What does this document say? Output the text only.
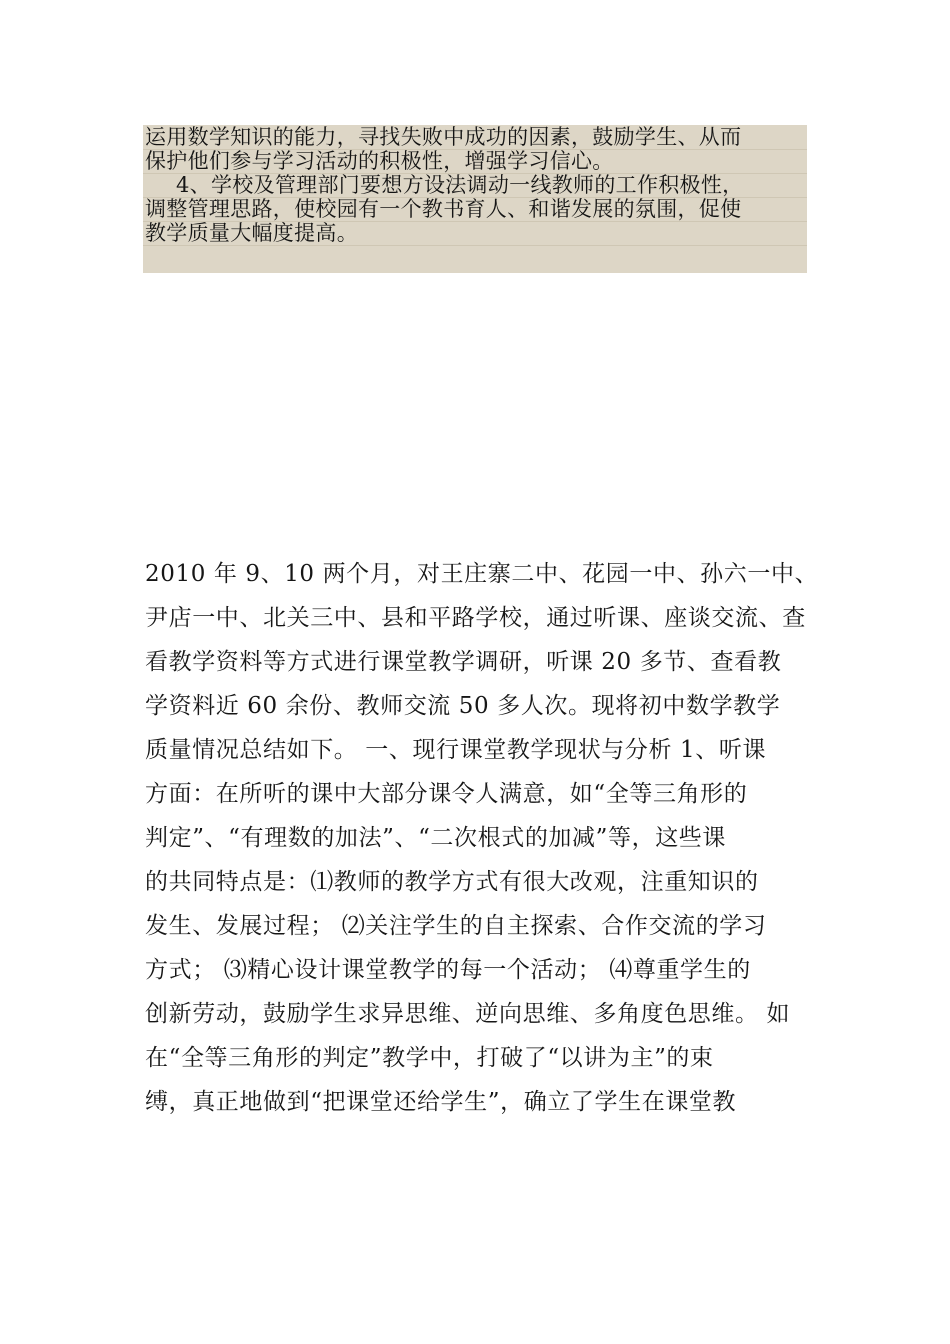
运用数学知识的能力，寻找失败中成功的因素，鼓励学生、从而

保护他们参与学习活动的积极性，增强学习信心。

4、学校及管理部门要想方设法调动一线教师的工作积极性，

调整管理思路，使校园有一个教书育人、和谐发展的氛围，促使

教学质量大幅度提高。

2010 年 9、10 两个月，对王庄寨二中、花园一中、孙六一中、

尹店一中、北关三中、县和平路学校，通过听课、座谈交流、查

看教学资料等方式进行课堂教学调研，听课 20 多节、查看教

学资料近 60 余份、教师交流 50 多人次。现将初中数学教学

质量情况总结如下。 一、现行课堂教学现状与分析 1、听课

方面：在所听的课中大部分课令人满意，如“全等三角形的

判定”、“有理数的加法”、“二次根式的加减”等，这些课

的共同特点是：⑴教师的教学方式有很大改观，注重知识的

发生、发展过程； ⑵关注学生的自主探索、合作交流的学习

方式； ⑶精心设计课堂教学的每一个活动； ⑷尊重学生的

创新劳动，鼓励学生求异思维、逆向思维、多角度色思维。 如

在“全等三角形的判定”教学中，打破了“以讲为主”的束

缚，真正地做到“把课堂还给学生”，确立了学生在课堂教
